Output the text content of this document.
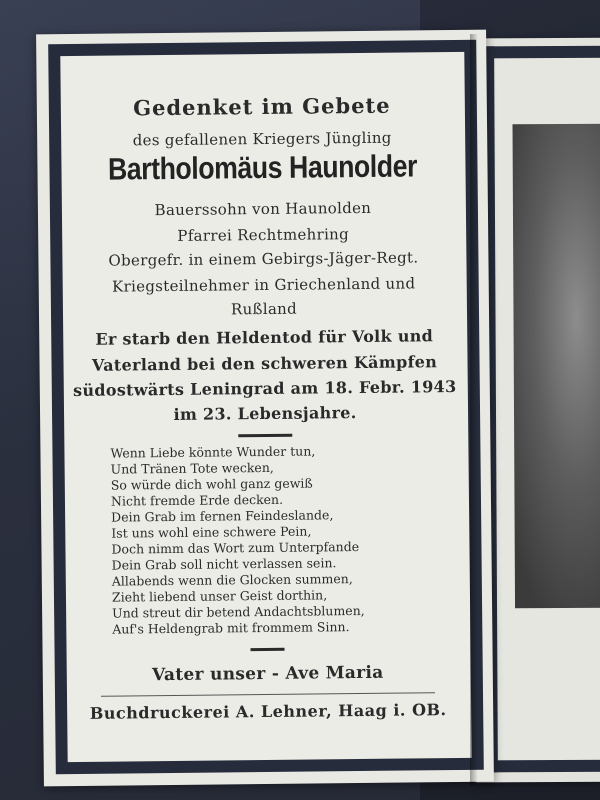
Gedenket im Gebete
des gefallenen Kriegers Jüngling
Bartholomäus Haunolder
Bauerssohn von Haunolden
Pfarrei Rechtmehring
Obergefr. in einem Gebirgs-Jäger-Regt.
Kriegsteilnehmer in Griechenland und
Rußland
Er starb den Heldentod für Volk und
Vaterland bei den schweren Kämpfen
südostwärts Leningrad am 18. Febr. 1943
im 23. Lebensjahre.
Wenn Liebe könnte Wunder tun,
Und Tränen Tote wecken,
So würde dich wohl ganz gewiß
Nicht fremde Erde decken.
Dein Grab im fernen Feindeslande,
Ist uns wohl eine schwere Pein,
Doch nimm das Wort zum Unterpfande
Dein Grab soll nicht verlassen sein.
Allabends wenn die Glocken summen,
Zieht liebend unser Geist dorthin,
Und streut dir betend Andachtsblumen,
Auf's Heldengrab mit frommem Sinn.
Vater unser - Ave Maria
Buchdruckerei A. Lehner, Haag i. OB.
